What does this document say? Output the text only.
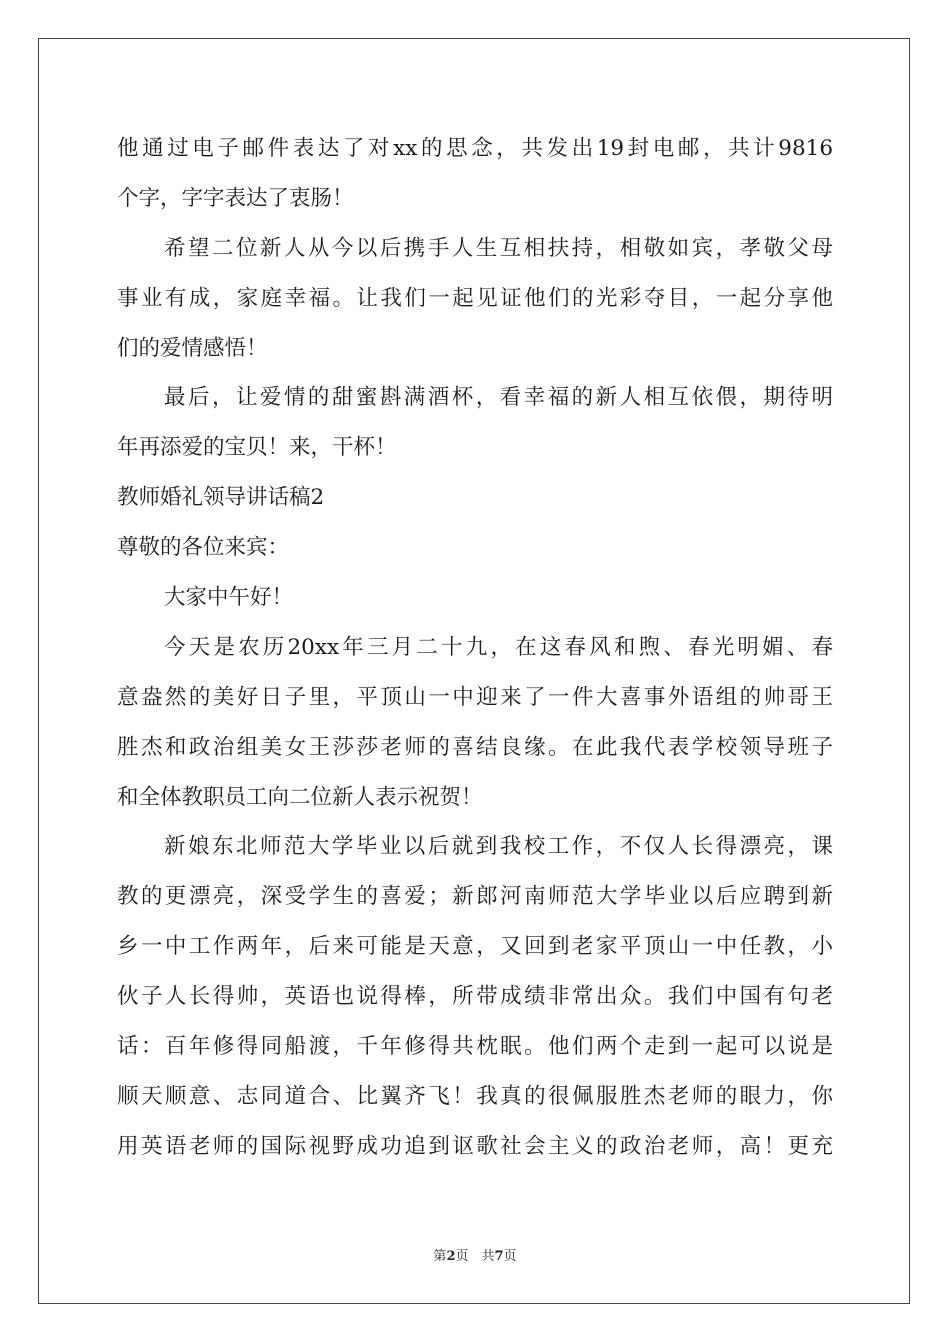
他通过电子邮件表达了对xx的思念，共发出19封电邮，共计9816
个字，字字表达了衷肠！
希望二位新人从今以后携手人生互相扶持，相敬如宾，孝敬父母
事业有成，家庭幸福。让我们一起见证他们的光彩夺目，一起分享他
们的爱情感悟！
最后，让爱情的甜蜜斟满酒杯，看幸福的新人相互依偎，期待明
年再添爱的宝贝！来，干杯！
教师婚礼领导讲话稿2
尊敬的各位来宾：
大家中午好！
今天是农历20xx年三月二十九，在这春风和煦、春光明媚、春
意盎然的美好日子里，平顶山一中迎来了一件大喜事外语组的帅哥王
胜杰和政治组美女王莎莎老师的喜结良缘。在此我代表学校领导班子
和全体教职员工向二位新人表示祝贺！
新娘东北师范大学毕业以后就到我校工作，不仅人长得漂亮，课
教的更漂亮，深受学生的喜爱；新郎河南师范大学毕业以后应聘到新
乡一中工作两年，后来可能是天意，又回到老家平顶山一中任教，小
伙子人长得帅，英语也说得棒，所带成绩非常出众。我们中国有句老
话：百年修得同船渡，千年修得共枕眠。他们两个走到一起可以说是
顺天顺意、志同道合、比翼齐飞！我真的很佩服胜杰老师的眼力，你
用英语老师的国际视野成功追到讴歌社会主义的政治老师，高！更充
第2页　共7页
